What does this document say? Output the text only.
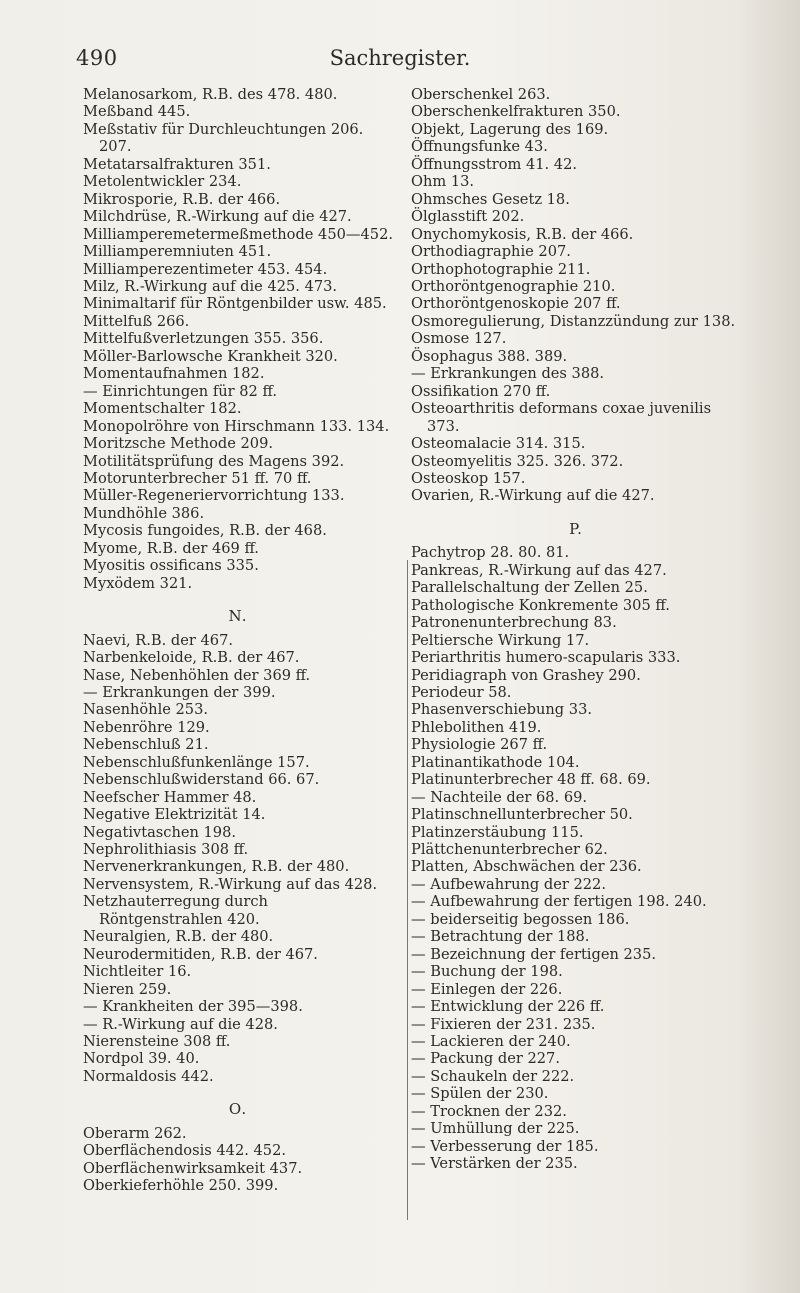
490	Sachregister.
Melanosarkom, R.B. des 478. 480.
Meßband 445.
Meßstativ für Durchleuchtungen 206. 207.
Metatarsalfrakturen 351.
Metolentwickler 234.
Mikrosporie, R.B. der 466.
Milchdrüse, R.-Wirkung auf die 427.
Milliamperemetermeßmethode 450—452.
Milliamperemniuten 451.
Milliamperezentimeter 453. 454.
Milz, R.-Wirkung auf die 425. 473.
Minimaltarif für Röntgenbilder usw. 485.
Mittelfuß 266.
Mittelfußverletzungen 355. 356.
Möller-Barlowsche Krankheit 320.
Momentaufnahmen 182.
— Einrichtungen für 82 ff.
Momentschalter 182.
Monopolröhre von Hirschmann 133. 134.
Moritzsche Methode 209.
Motilitätsprüfung des Magens 392.
Motorunterbrecher 51 ff. 70 ff.
Müller-Regeneriervorrichtung 133.
Mundhöhle 386.
Mycosis fungoides, R.B. der 468.
Myome, R.B. der 469 ff.
Myositis ossificans 335.
Myxödem 321.
N.
Naevi, R.B. der 467.
Narbenkeloide, R.B. der 467.
Nase, Nebenhöhlen der 369 ff.
— Erkrankungen der 399.
Nasenhöhle 253.
Nebenröhre 129.
Nebenschluß 21.
Nebenschlußfunkenlänge 157.
Nebenschlußwiderstand 66. 67.
Neefscher Hammer 48.
Negative Elektrizität 14.
Negativtaschen 198.
Nephrolithiasis 308 ff.
Nervenerkrankungen, R.B. der 480.
Nervensystem, R.-Wirkung auf das 428.
Netzhauterregung durch Röntgenstrahlen 420.
Neuralgien, R.B. der 480.
Neurodermitiden, R.B. der 467.
Nichtleiter 16.
Nieren 259.
— Krankheiten der 395—398.
— R.-Wirkung auf die 428.
Nierensteine 308 ff.
Nordpol 39. 40.
Normaldosis 442.
O.
Oberarm 262.
Oberflächendosis 442. 452.
Oberflächenwirksamkeit 437.
Oberkieferhöhle 250. 399.
Oberschenkel 263.
Oberschenkelfrakturen 350.
Objekt, Lagerung des 169.
Öffnungsfunke 43.
Öffnungsstrom 41. 42.
Ohm 13.
Ohmsches Gesetz 18.
Ölglasstift 202.
Onychomykosis, R.B. der 466.
Orthodiagraphie 207.
Orthophotographie 211.
Orthoröntgenographie 210.
Orthoröntgenoskopie 207 ff.
Osmoregulierung, Distanzzündung zur 138.
Osmose 127.
Ösophagus 388. 389.
— Erkrankungen des 388.
Ossifikation 270 ff.
Osteoarthritis deformans coxae juvenilis 373.
Osteomalacie 314. 315.
Osteomyelitis 325. 326. 372.
Osteoskop 157.
Ovarien, R.-Wirkung auf die 427.
P.
Pachytrop 28. 80. 81.
Pankreas, R.-Wirkung auf das 427.
Parallelschaltung der Zellen 25.
Pathologische Konkremente 305 ff.
Patronenunterbrechung 83.
Peltiersche Wirkung 17.
Periarthritis humero-scapularis 333.
Peridiagraph von Grashey 290.
Periodeur 58.
Phasenverschiebung 33.
Phlebolithen 419.
Physiologie 267 ff.
Platinantikathode 104.
Platinunterbrecher 48 ff. 68. 69.
— Nachteile der 68. 69.
Platinschnellunterbrecher 50.
Platinzerstäubung 115.
Plättchenunterbrecher 62.
Platten, Abschwächen der 236.
— Aufbewahrung der 222.
— Aufbewahrung der fertigen 198. 240.
— beiderseitig begossen 186.
— Betrachtung der 188.
— Bezeichnung der fertigen 235.
— Buchung der 198.
— Einlegen der 226.
— Entwicklung der 226 ff.
— Fixieren der 231. 235.
— Lackieren der 240.
— Packung der 227.
— Schaukeln der 222.
— Spülen der 230.
— Trocknen der 232.
— Umhüllung der 225.
— Verbesserung der 185.
— Verstärken der 235.
